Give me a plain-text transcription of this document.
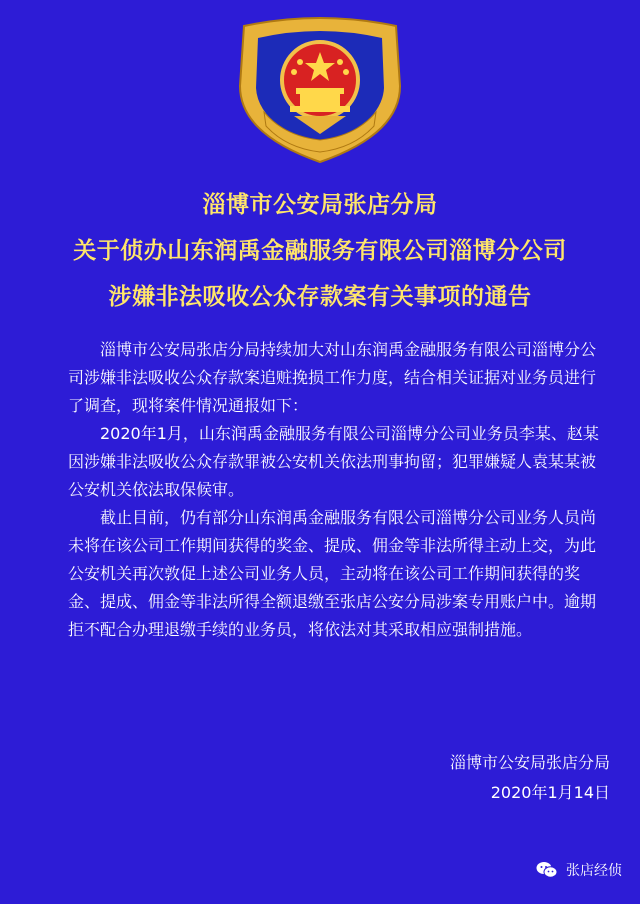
淄博市公安局张店分局
关于侦办山东润禹金融服务有限公司淄博分公司
涉嫌非法吸收公众存款案有关事项的通告

淄博市公安局张店分局持续加大对山东润禹金融服务有限公司淄博分公司涉嫌非法吸收公众存款案追赃挽损工作力度，结合相关证据对业务员进行了调查，现将案件情况通报如下：

2020年1月，山东润禹金融服务有限公司淄博分公司业务员李某、赵某因涉嫌非法吸收公众存款罪被公安机关依法刑事拘留；犯罪嫌疑人袁某某被公安机关依法取保候审。

截止目前，仍有部分山东润禹金融服务有限公司淄博分公司业务人员尚未将在该公司工作期间获得的奖金、提成、佣金等非法所得主动上交，为此公安机关再次敦促上述公司业务人员，主动将在该公司工作期间获得的奖金、提成、佣金等非法所得全额退缴至张店公安分局涉案专用账户中。逾期拒不配合办理退缴手续的业务员，将依法对其采取相应强制措施。

淄博市公安局张店分局
2020年1月14日
张店经侦
